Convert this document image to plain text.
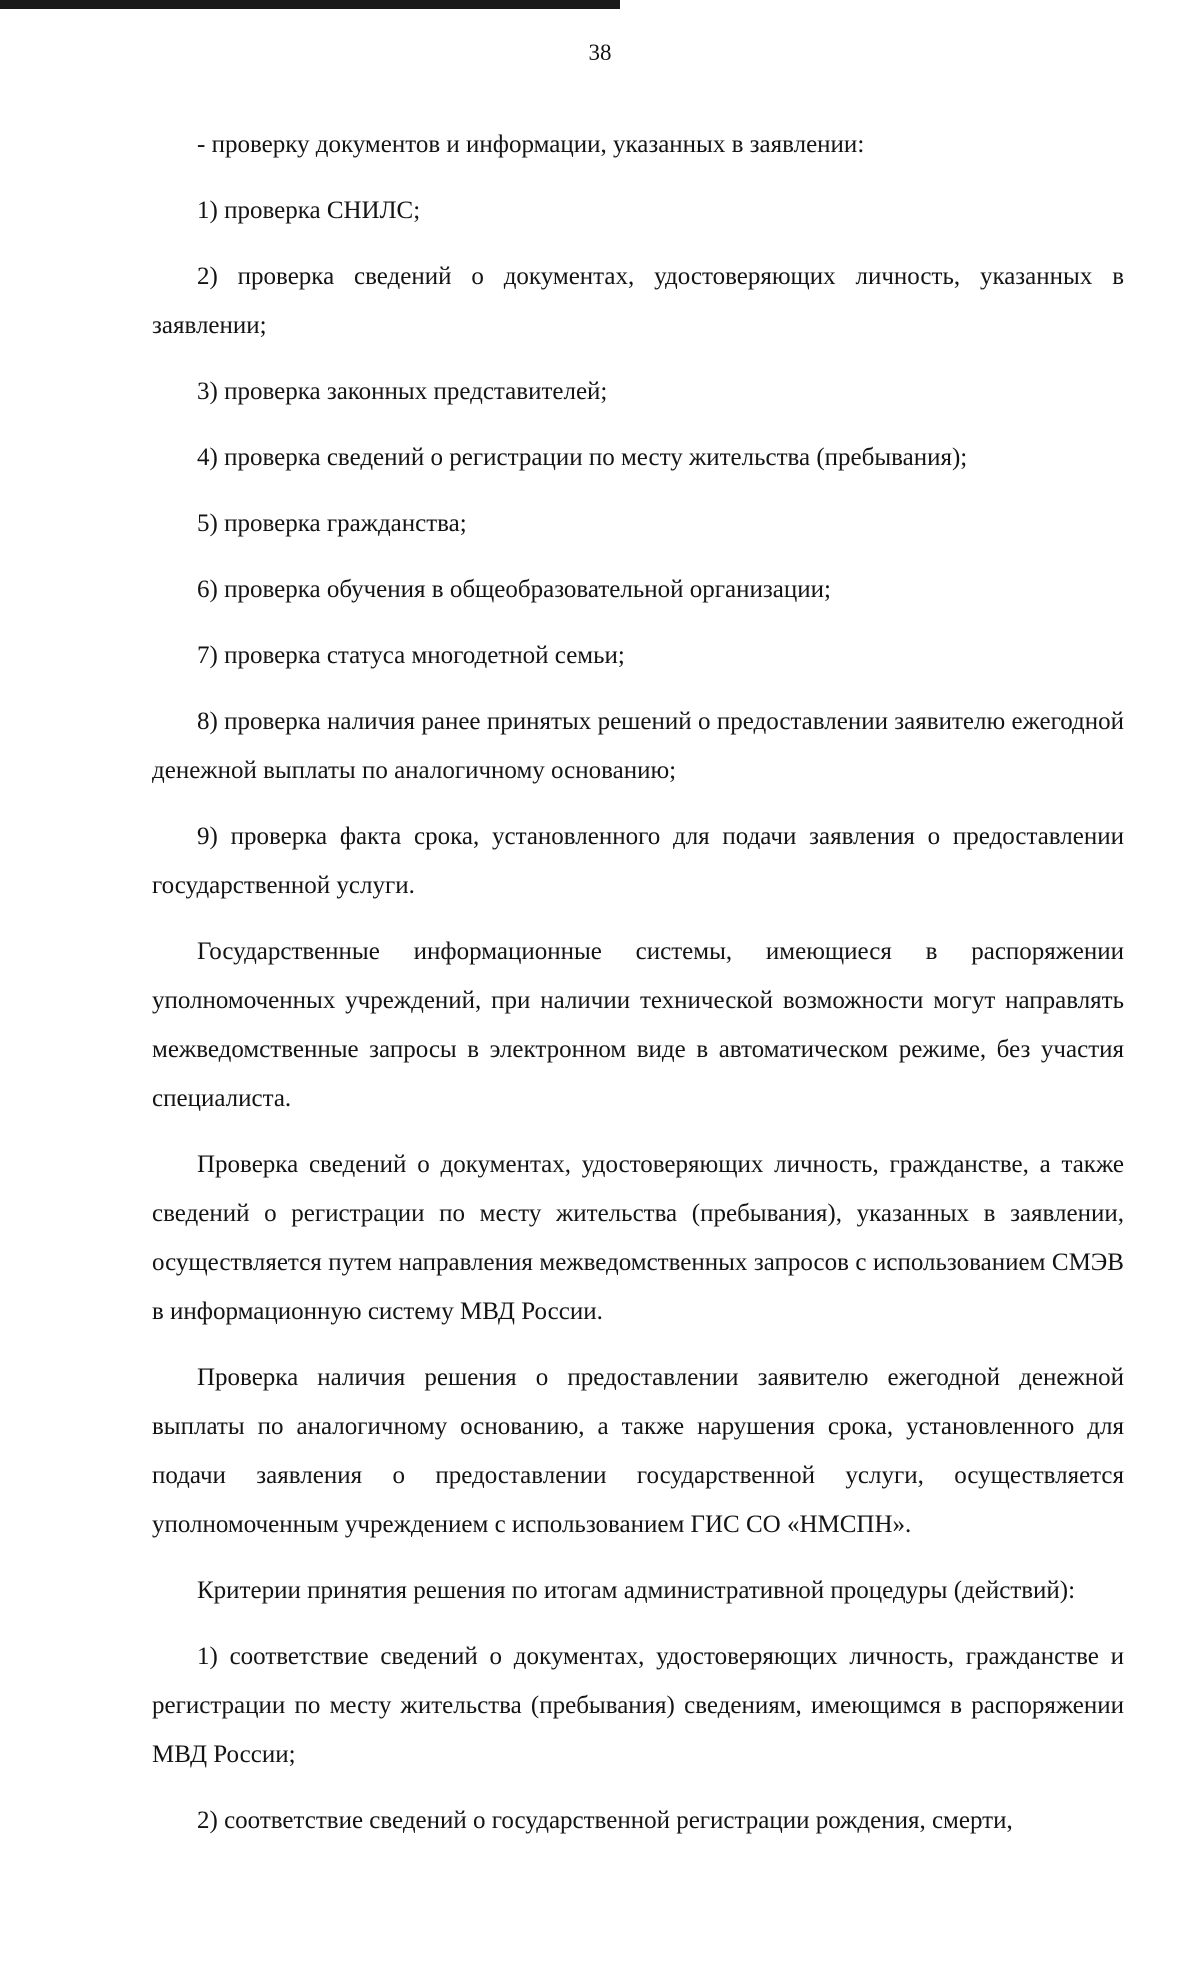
38

- проверку документов и информации, указанных в заявлении:

1) проверка СНИЛС;

2) проверка сведений о документах, удостоверяющих личность, указанных в заявлении;

3) проверка законных представителей;

4) проверка сведений о регистрации по месту жительства (пребывания);

5) проверка гражданства;

6) проверка обучения в общеобразовательной организации;

7) проверка статуса многодетной семьи;

8) проверка наличия ранее принятых решений о предоставлении заявителю ежегодной денежной выплаты по аналогичному основанию;

9) проверка факта срока, установленного для подачи заявления о предоставлении государственной услуги.

Государственные информационные системы, имеющиеся в распоряжении уполномоченных учреждений, при наличии технической возможности могут направлять межведомственные запросы в электронном виде в автоматическом режиме, без участия специалиста.

Проверка сведений о документах, удостоверяющих личность, гражданстве, а также сведений о регистрации по месту жительства (пребывания), указанных в заявлении, осуществляется путем направления межведомственных запросов с использованием СМЭВ в информационную систему МВД России.

Проверка наличия решения о предоставлении заявителю ежегодной денежной выплаты по аналогичному основанию, а также нарушения срока, установленного для подачи заявления о предоставлении государственной услуги, осуществляется уполномоченным учреждением с использованием ГИС СО «НМСПН».

Критерии принятия решения по итогам административной процедуры (действий):

1) соответствие сведений о документах, удостоверяющих личность, гражданстве и регистрации по месту жительства (пребывания) сведениям, имеющимся в распоряжении МВД России;

2) соответствие сведений о государственной регистрации рождения, смерти,
